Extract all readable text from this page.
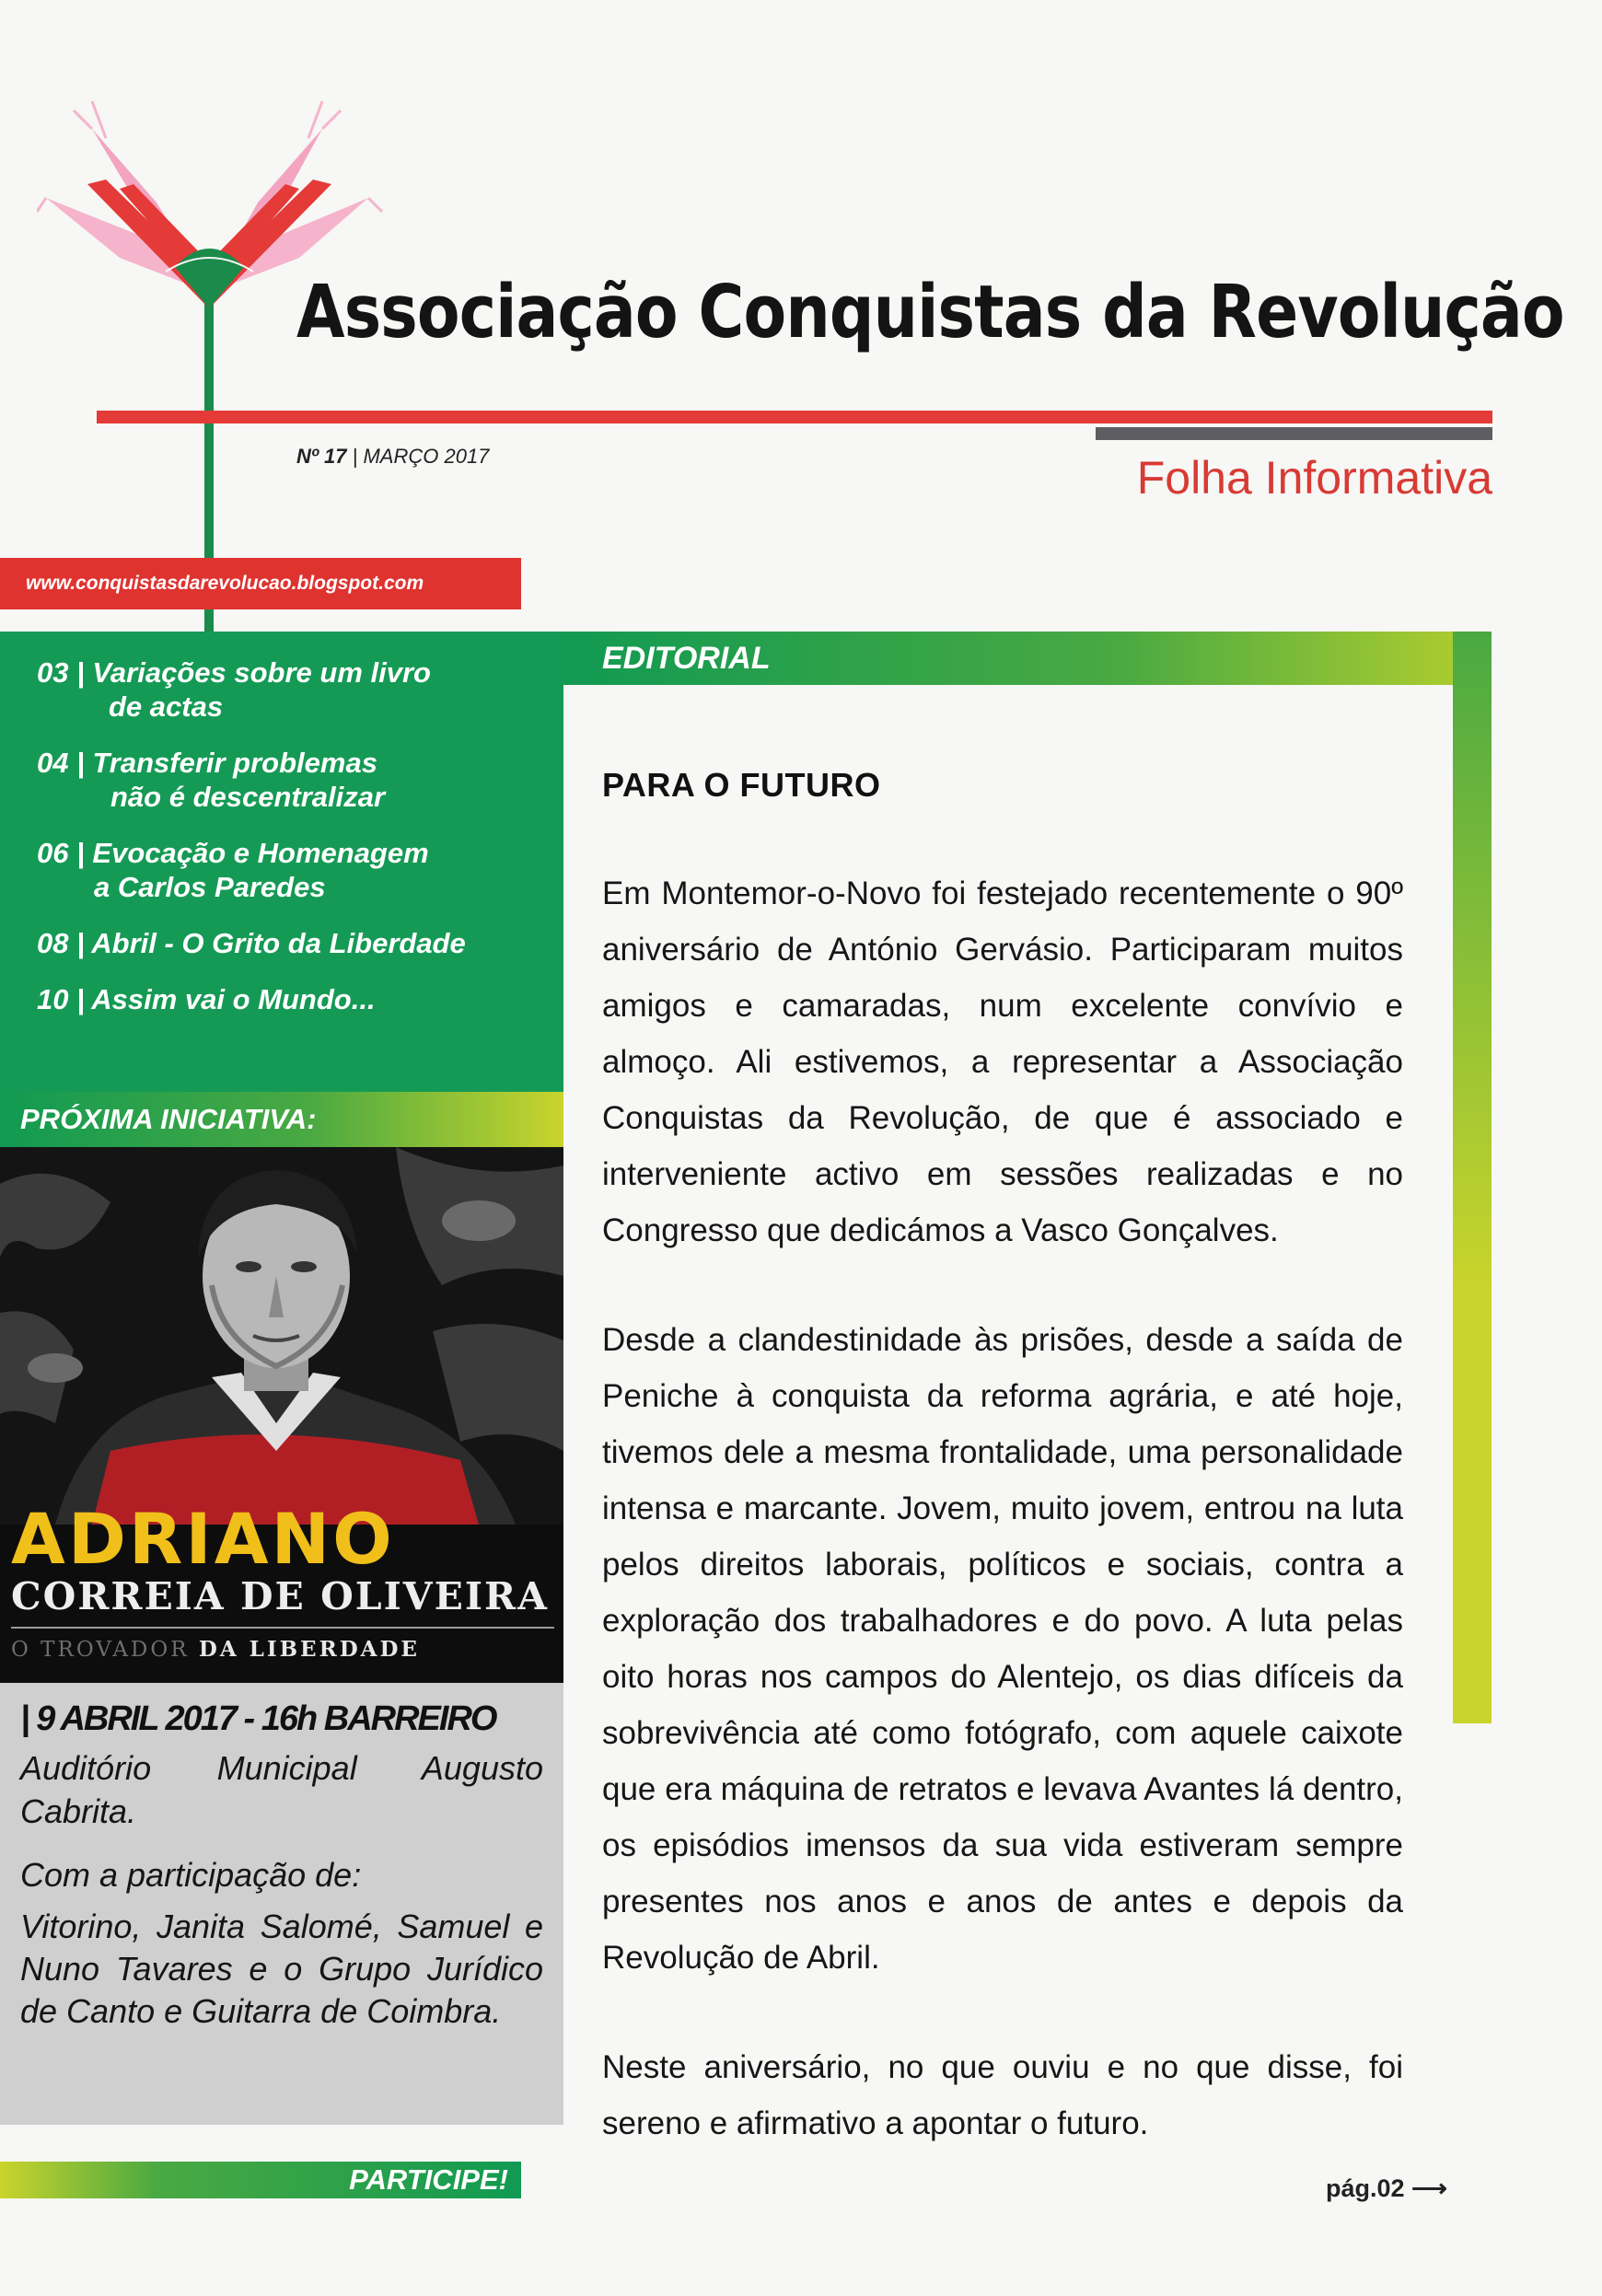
Associação Conquistas da Revolução
Nº 17 | MARÇO 2017	Folha Informativa
www.conquistasdarevolucao.blogspot.com
03 | Variações sobre um livro
de actas
04 | Transferir problemas
não é descentralizar
06 | Evocação e Homenagem
a Carlos Paredes
08 | Abril - O Grito da Liberdade
10 | Assim vai o Mundo...
PRÓXIMA INICIATIVA:
ADRIANO
CORREIA DE OLIVEIRA
O TROVADOR DA LIBERDADE

| 9 ABRIL 2017 - 16h BARREIRO

Auditório Municipal Augusto Cabrita.

Com a participação de:

Vitorino, Janita Salomé, Samuel e Nuno Tavares e o Grupo Jurídico de Canto e Guitarra de Coimbra.

PARTICIPE!
EDITORIAL
PARA O FUTURO

Em Montemor-o-Novo foi festejado recentemente o 90º aniversário de António Gervásio. Participaram muitos amigos e camaradas, num excelente convívio e almoço. Ali estivemos, a representar a Associação Conquistas da Revolução, de que é associado e interveniente activo em sessões realizadas e no Congresso que dedicámos a Vasco Gonçalves.

Desde a clandestinidade às prisões, desde a saída de Peniche à conquista da reforma agrária, e até hoje, tivemos dele a mesma frontalidade, uma personalidade intensa e marcante. Jovem, muito jovem, entrou na luta pelos direitos laborais, políticos e sociais, contra a exploração dos trabalhadores e do povo. A luta pelas oito horas nos campos do Alentejo, os dias difíceis da sobrevivência até como fotógrafo, com aquele caixote que era máquina de retratos e levava Avantes lá dentro, os episódios imensos da sua vida estiveram sempre presentes nos anos e anos de antes e depois da Revolução de Abril.

Neste aniversário, no que ouviu e no que disse, foi sereno e afirmativo a apontar o futuro.

pág.02 ⟶
